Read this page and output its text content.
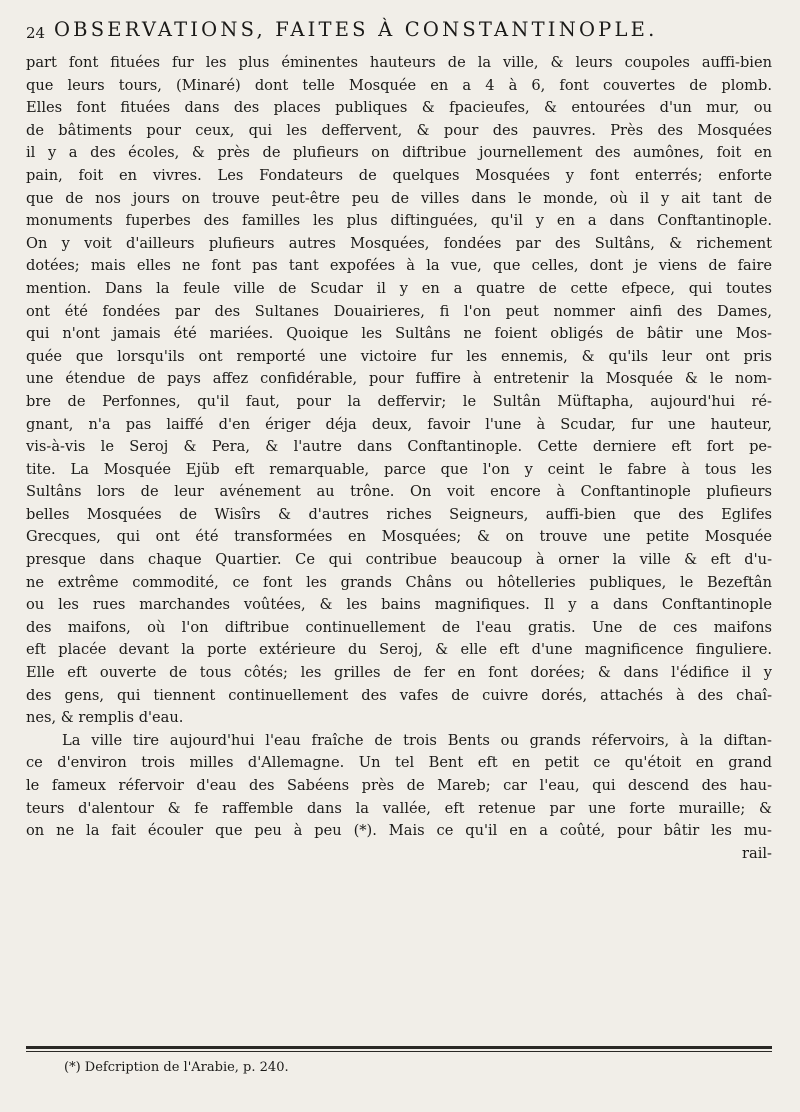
24 OBSERVATIONS, FAITES À CONSTANTINOPLE.
part font fituées fur les plus éminentes hauteurs de la ville, & leurs coupoles auffi-bien
que leurs tours, (Minaré) dont telle Mosquée en a 4 à 6, font couvertes de plomb.
Elles font fituées dans des places publiques & fpacieufes, & entourées d'un mur, ou
de bâtiments pour ceux, qui les deffervent, & pour des pauvres. Près des Mosquées
il y a des écoles, & près de plufieurs on diftribue journellement des aumônes, foit en
pain, foit en vivres. Les Fondateurs de quelques Mosquées y font enterrés; enforte
que de nos jours on trouve peut-être peu de villes dans le monde, où il y ait tant de
monuments fuperbes des familles les plus diftinguées, qu'il y en a dans Conftantinople.
On y voit d'ailleurs plufieurs autres Mosquées, fondées par des Sultâns, & richement
dotées; mais elles ne font pas tant expofées à la vue, que celles, dont je viens de faire
mention. Dans la feule ville de Scudar il y en a quatre de cette efpece, qui toutes
ont été fondées par des Sultanes Douairieres, fi l'on peut nommer ainfi des Dames,
qui n'ont jamais été mariées. Quoique les Sultâns ne foient obligés de bâtir une Mos-
quée que lorsqu'ils ont remporté une victoire fur les ennemis, & qu'ils leur ont pris
une étendue de pays affez confidérable, pour fuffire à entretenir la Mosquée & le nom-
bre de Perfonnes, qu'il faut, pour la deffervir; le Sultân Müftapha, aujourd'hui ré-
gnant, n'a pas laiffé d'en ériger déja deux, favoir l'une à Scudar, fur une hauteur,
vis-à-vis le Seroj & Pera, & l'autre dans Conftantinople. Cette derniere eft fort pe-
tite. La Mosquée Ejüb eft remarquable, parce que l'on y ceint le fabre à tous les
Sultâns lors de leur avénement au trône. On voit encore à Conftantinople plufieurs
belles Mosquées de Wisîrs & d'autres riches Seigneurs, auffi-bien que des Eglifes
Grecques, qui ont été transformées en Mosquées; & on trouve une petite Mosquée
presque dans chaque Quartier. Ce qui contribue beaucoup à orner la ville & eft d'u-
ne extrême commodité, ce font les grands Châns ou hôtelleries publiques, le Bezeftân
ou les rues marchandes voûtées, & les bains magnifiques. Il y a dans Conftantinople
des maifons, où l'on diftribue continuellement de l'eau gratis. Une de ces maifons
eft placée devant la porte extérieure du Seroj, & elle eft d'une magnificence finguliere.
Elle eft ouverte de tous côtés; les grilles de fer en font dorées; & dans l'édifice il y
des gens, qui tiennent continuellement des vafes de cuivre dorés, attachés à des chaî-
nes, & remplis d'eau.
La ville tire aujourd'hui l'eau fraîche de trois Bents ou grands réfervoirs, à la diftan-
ce d'environ trois milles d'Allemagne. Un tel Bent eft en petit ce qu'étoit en grand
le fameux réfervoir d'eau des Sabéens près de Mareb; car l'eau, qui descend des hau-
teurs d'alentour & fe raffemble dans la vallée, eft retenue par une forte muraille; &
on ne la fait écouler que peu à peu (*). Mais ce qu'il en a coûté, pour bâtir les mu-
rail-
(*) Defcription de l'Arabie, p. 240.
